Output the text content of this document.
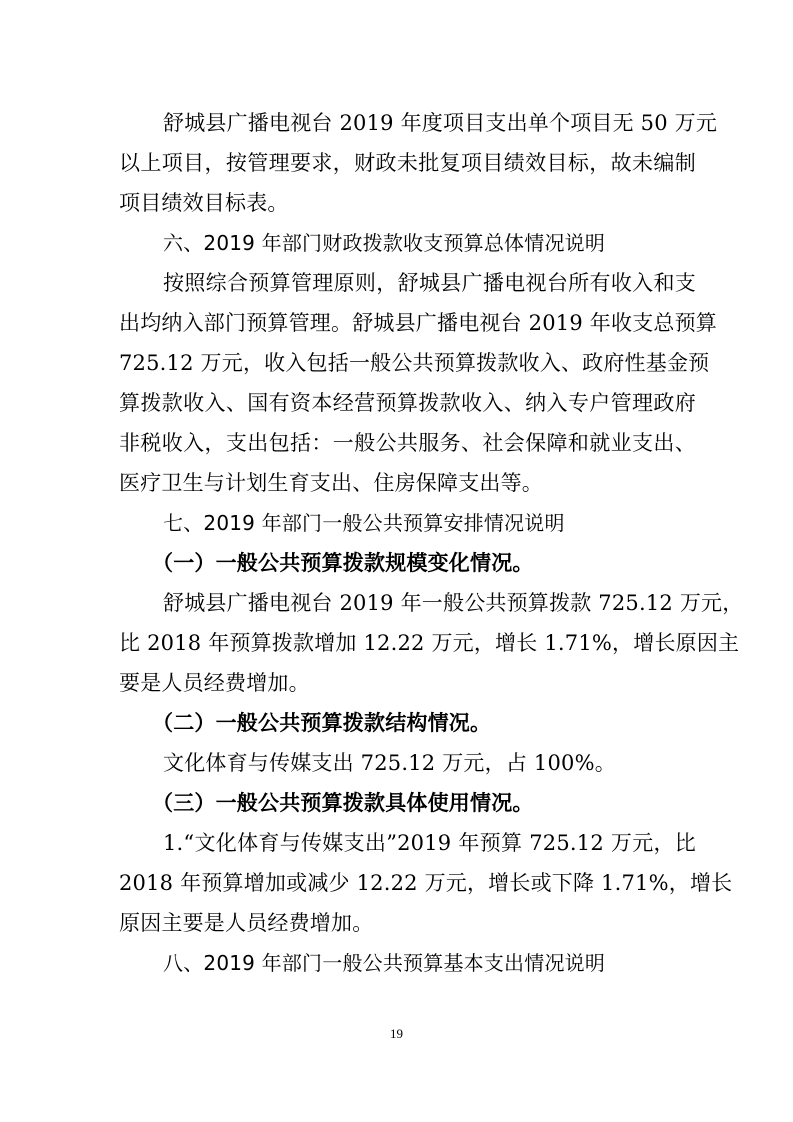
舒城县广播电视台 2019 年度项目支出单个项目无 50 万元
以上项目，按管理要求，财政未批复项目绩效目标，故未编制
项目绩效目标表。
六、2019 年部门财政拨款收支预算总体情况说明
按照综合预算管理原则，舒城县广播电视台所有收入和支
出均纳入部门预算管理。舒城县广播电视台 2019 年收支总预算
725.12 万元，收入包括一般公共预算拨款收入、政府性基金预
算拨款收入、国有资本经营预算拨款收入、纳入专户管理政府
非税收入，支出包括：一般公共服务、社会保障和就业支出、
医疗卫生与计划生育支出、住房保障支出等。
七、2019 年部门一般公共预算安排情况说明
（一）一般公共预算拨款规模变化情况。
舒城县广播电视台 2019 年一般公共预算拨款 725.12 万元，
比 2018 年预算拨款增加 12.22 万元，增长 1.71%，增长原因主
要是人员经费增加。
（二）一般公共预算拨款结构情况。
文化体育与传媒支出 725.12 万元，占 100%。
（三）一般公共预算拨款具体使用情况。
1.“文化体育与传媒支出”2019 年预算 725.12 万元，比
2018 年预算增加或减少 12.22 万元，增长或下降 1.71%，增长
原因主要是人员经费增加。
八、2019 年部门一般公共预算基本支出情况说明
19
